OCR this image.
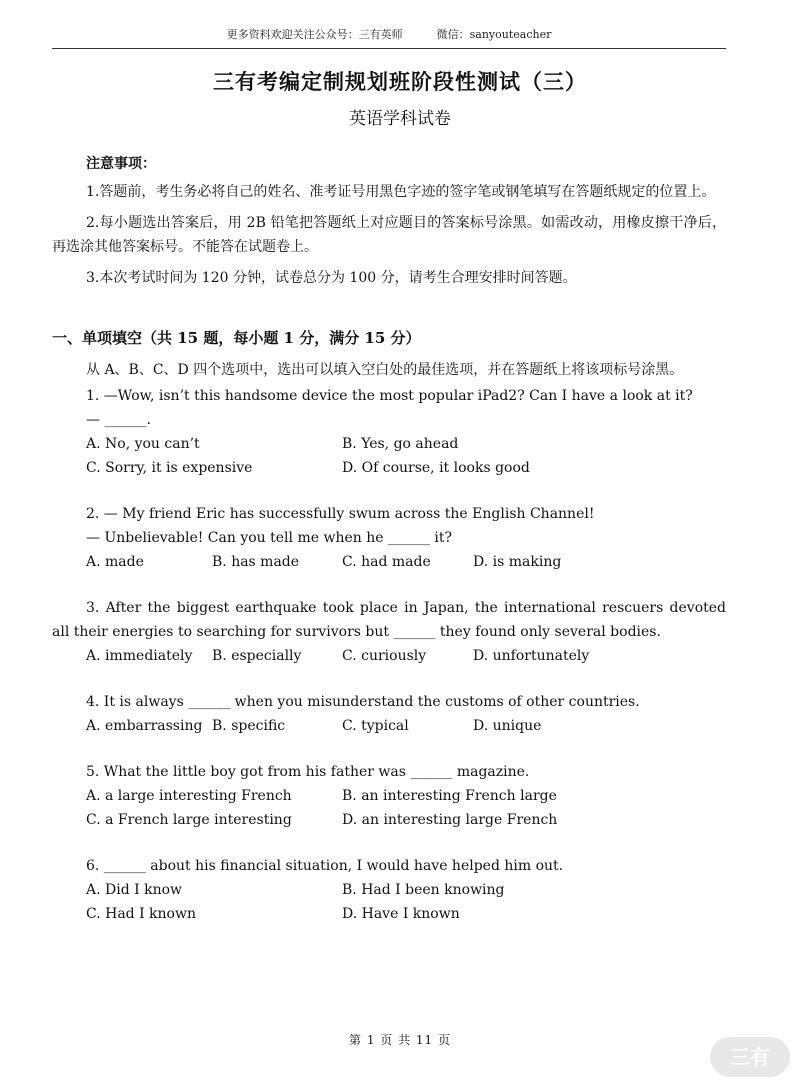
更多资料欢迎关注公众号：三有英师	微信：sanyouteacher
三有考编定制规划班阶段性测试（三）
英语学科试卷

注意事项：

1.答题前，考生务必将自己的姓名、准考证号用黑色字迹的签字笔或钢笔填写在答题纸规定的位置上。

2.每小题选出答案后，用 2B 铅笔把答题纸上对应题目的答案标号涂黑。如需改动，用橡皮擦干净后，再选涂其他答案标号。不能答在试题卷上。

3.本次考试时间为 120 分钟，试卷总分为 100 分，请考生合理安排时间答题。

一、单项填空（共 15 题，每小题 1 分，满分 15 分）

从 A、B、C、D 四个选项中，选出可以填入空白处的最佳选项，并在答题纸上将该项标号涂黑。

1. —Wow, isn’t this handsome device the most popular iPad2? Can I have a look at it?

— ______.

A. No, you can’t	B. Yes, go ahead
C. Sorry, it is expensive	D. Of course, it looks good

2. — My friend Eric has successfully swum across the English Channel!

— Unbelievable! Can you tell me when he ______ it?

A. made	B. has made	C. had made	D. is making

3. After the biggest earthquake took place in Japan, the international rescuers devoted all their energies to searching for survivors but ______ they found only several bodies.

A. immediately	B. especially	C. curiously	D. unfortunately

4. It is always ______ when you misunderstand the customs of other countries.

A. embarrassing B. specific	C. typical	D. unique

5. What the little boy got from his father was ______ magazine.

A. a large interesting French	B. an interesting French large
C. a French large interesting	D. an interesting large French

6. ______ about his financial situation, I would have helped him out.

A. Did I know	B. Had I been knowing
C. Had I known	D. Have I known
第 1 页 共 11 页
三有
